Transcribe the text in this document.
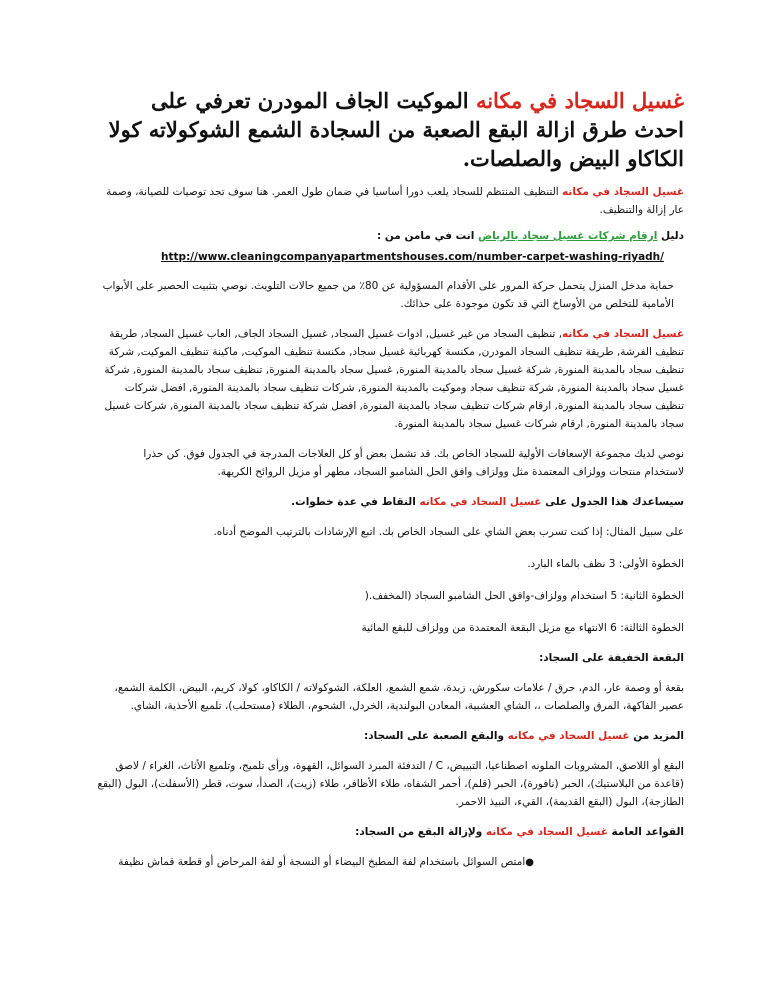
غسيل السجاد في مكانه الموكيت الجاف المودرن تعرفي على احدث طرق ازالة البقع الصعبة من السجادة الشمع الشوكولاته كولا الكاكاو البيض والصلصات.

غسيل السجاد في مكانه التنظيف المنتظم للسجاد يلعب دورا أساسيا في ضمان طول العمر. هنا سوف تجد توصيات للصيانة، وصمة عار إزالة والتنظيف.

دليل ارقام شركات غسيل سجاد بالرياض انت في مامن من :

http://www.cleaningcompanyapartmentshouses.com/number-carpet-washing-riyadh/

حماية مدخل المنزل يتحمل حركة المرور على الأقدام المسؤولية عن 80٪ من جميع حالات التلويث. نوصي بتثبيت الحصير على الأبواب الأمامية للتخلص من الأوساخ التي قد تكون موجودة على حذائك.

غسيل السجاد في مكانه, تنظيف السجاد من غير غسيل, ادوات غسيل السجاد, غسيل السجاد الجاف, العاب غسيل السجاد, طريقة تنظيف الفرشة, طريقة تنظيف السجاد المودرن, مكنسة كهربائية غسيل سجاد, مكنسة تنظيف الموكيت, ماكينة تنظيف الموكيت, شركة تنظيف سجاد بالمدينة المنورة, شركة غسيل سجاد بالمدينة المنورة, غسيل سجاد بالمدينة المنورة, تنظيف سجاد بالمدينة المنورة, شركة غسيل سجاد بالمدينة المنورة, شركة تنظيف سجاد وموكيت بالمدينة المنورة, شركات تنظيف سجاد بالمدينة المنورة, افضل شركات تنظيف سجاد بالمدينة المنورة, ارقام شركات تنظيف سجاد بالمدينة المنورة, افضل شركة تنظيف سجاد بالمدينة المنورة, شركات غسيل سجاد بالمدينة المنورة, ارقام شركات غسيل سجاد بالمدينة المنورة.

نوصي لديك مجموعة الإسعافات الأولية للسجاد الخاص بك. قد تشمل بعض أو كل العلاجات المدرجة في الجدول فوق. كن حذرا لاستخدام منتجات وولزاف المعتمدة مثل وولزاف وافق الحل الشامبو السجاد، مطهر أو مزيل الروائح الكريهة.

سيساعدك هذا الجدول على غسيل السجاد في مكانه النقاط في عدة خطوات.

على سبيل المثال: إذا كنت تسرب بعض الشاي على السجاد الخاص بك. اتبع الإرشادات بالترتيب الموضح أدناه.

الخطوة الأولى: 3 نظف بالماء البارد.

الخطوة الثانية: 5 استخدام وولزاف-وافق الحل الشامبو السجاد (المخفف.(

الخطوة الثالثة: 6 الانتهاء مع مزيل البقعة المعتمدة من وولزاف للبقع المائية

البقعة الخفيفة على السجاد:

بقعة أو وصمة عار، الدم، حرق / علامات سكورش، زبدة، شمع الشمع، العلكة، الشوكولاته / الكاكاو، كولا، كريم، البيض، الكلمة الشمع، عصير الفاكهة، المرق والصلصات ،، الشاي العشبية، المعادن البولندية، الخردل، الشحوم، الطلاء (مستحلب)، تلميع الأحذية، الشاي.

المزيد من غسيل السجاد في مكانه والبقع الصعبة على السجاد:

البقع أو اللاصق، المشروبات الملونه اصطناعيا، التبييض، C / التدفئة المبرد السوائل، القهوة، ورأى تلميح، وتلميع الأثاث، الغراء / لاصق (قاعدة من البلاستيك)، الحبر (نافورة)، الحبر (قلم)، أحمر الشفاه، طلاء الأظافر، طلاء (زيت)، الصدأ، سوت، قطر (الأسفلت)، البول (البقع الطازجة)، البول (البقع القديمة)، القيء، النبيذ الاحمر.

القواعد العامة غسيل السجاد في مكانه ولإزالة البقع من السجاد:

●امتص السوائل باستخدام لفة المطبخ البيضاء أو النسجة أو لفة المرحاض أو قطعة قماش نظيفة
